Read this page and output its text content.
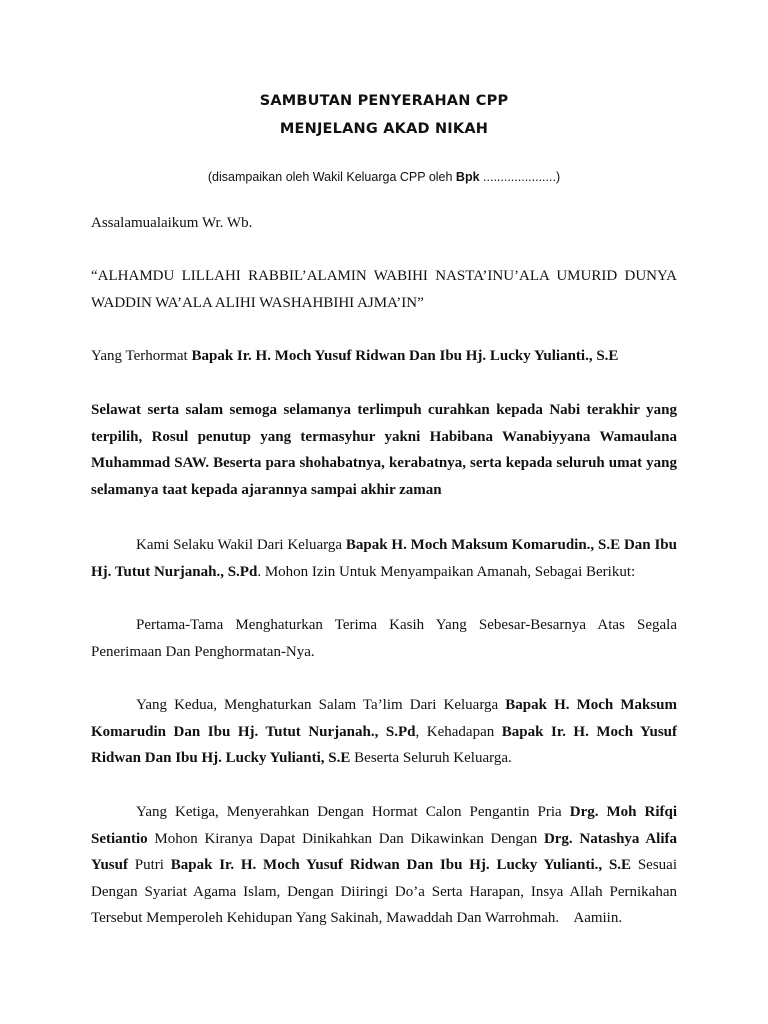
SAMBUTAN PENYERAHAN CPP
MENJELANG AKAD NIKAH
(disampaikan oleh Wakil Keluarga CPP oleh Bpk .....................)
Assalamualaikum Wr. Wb.
“ALHAMDU LILLAHI RABBIL’ALAMIN WABIHI NASTA’INU’ALA UMURID DUNYA WADDIN WA’ALA ALIHI WASHAHBIHI AJMA’IN”
Yang Terhormat Bapak Ir. H. Moch Yusuf Ridwan Dan Ibu Hj. Lucky Yulianti., S.E
Selawat serta salam semoga selamanya terlimpuh curahkan kepada Nabi terakhir yang terpilih, Rosul penutup yang termasyhur yakni Habibana Wanabiyyana Wamaulana Muhammad SAW. Beserta para shohabatnya, kerabatnya, serta kepada seluruh umat yang selamanya taat kepada ajarannya sampai akhir zaman
Kami Selaku Wakil Dari Keluarga Bapak H. Moch Maksum Komarudin., S.E Dan Ibu Hj. Tutut Nurjanah., S.Pd. Mohon Izin Untuk Menyampaikan Amanah, Sebagai Berikut:
Pertama-Tama Menghaturkan Terima Kasih Yang Sebesar-Besarnya Atas Segala Penerimaan Dan Penghormatan-Nya.
Yang Kedua, Menghaturkan Salam Ta’lim Dari Keluarga Bapak H. Moch Maksum Komarudin Dan Ibu Hj. Tutut Nurjanah., S.Pd, Kehadapan Bapak Ir. H. Moch Yusuf Ridwan Dan Ibu Hj. Lucky Yulianti, S.E Beserta Seluruh Keluarga.
Yang Ketiga, Menyerahkan Dengan Hormat Calon Pengantin Pria Drg. Moh Rifqi Setiantio Mohon Kiranya Dapat Dinikahkan Dan Dikawinkan Dengan Drg. Natashya Alifa Yusuf Putri Bapak Ir. H. Moch Yusuf Ridwan Dan Ibu Hj. Lucky Yulianti., S.E Sesuai Dengan Syariat Agama Islam, Dengan Diiringi Do’a Serta Harapan, Insya Allah Pernikahan Tersebut Memperoleh Kehidupan Yang Sakinah, Mawaddah Dan Warrohmah.    Aamiin.
